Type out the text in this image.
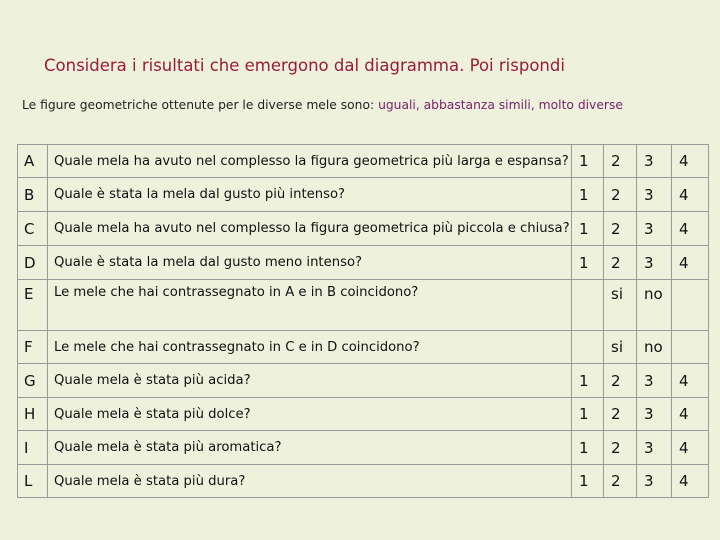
Considera i risultati che emergono dal diagramma. Poi rispondi
Le figure geometriche ottenute per le diverse mele sono: uguali, abbastanza simili, molto diverse
A	Quale mela ha avuto nel complesso la figura geometrica più larga e espansa?	1	2	3	4
B	Quale è stata la mela dal gusto più intenso?	1	2	3	4
C	Quale mela ha avuto nel complesso la figura geometrica più piccola e chiusa?	1	2	3	4
D	Quale è stata la mela dal gusto meno intenso?	1	2	3	4
E	Le mele che hai contrassegnato in A e in B coincidono?		si	no	
F	Le mele che hai contrassegnato in C e in D coincidono?		si	no	
G	Quale mela è stata più acida?	1	2	3	4
H	Quale mela è stata più dolce?	1	2	3	4
I	Quale mela è stata più aromatica?	1	2	3	4
L	Quale mela è stata più dura?	1	2	3	4
